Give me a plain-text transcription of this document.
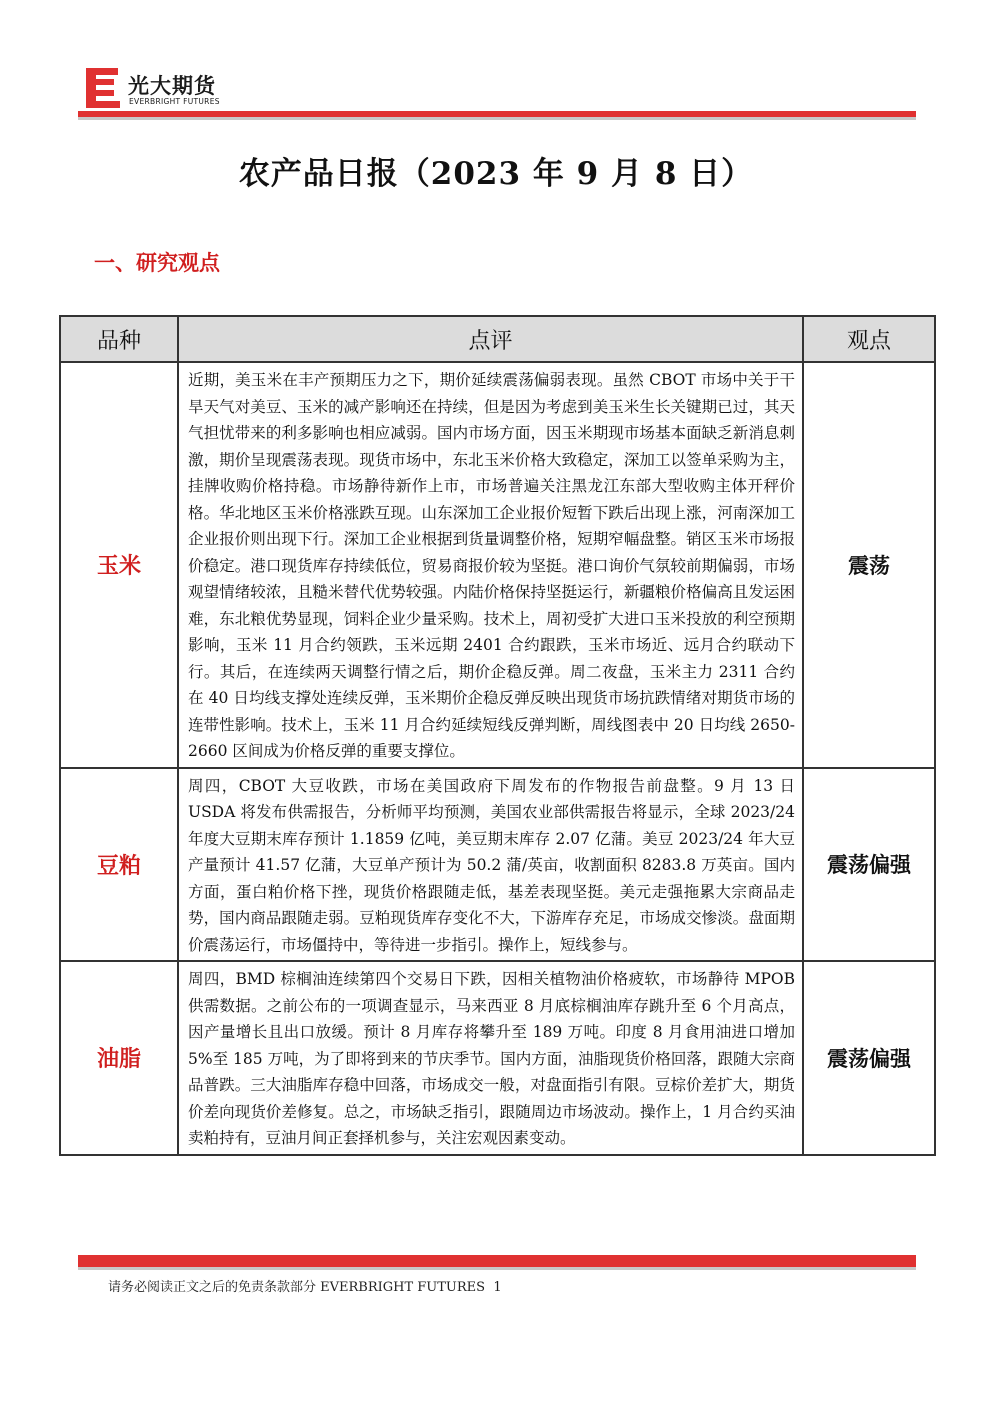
光大期货
EVERBRIGHT FUTURES
农产品日报（2023 年 9 月 8 日）
一、研究观点
品种	点评	观点
玉米	近期，美玉米在丰产预期压力之下，期价延续震荡偏弱表现。虽然 CBOT 市场中关于干旱天气对美豆、玉米的减产影响还在持续，但是因为考虑到美玉米生长关键期已过，其天气担忧带来的利多影响也相应减弱。国内市场方面，因玉米期现市场基本面缺乏新消息刺激，期价呈现震荡表现。现货市场中，东北玉米价格大致稳定，深加工以签单采购为主，挂牌收购价格持稳。市场静待新作上市，市场普遍关注黑龙江东部大型收购主体开秤价格。华北地区玉米价格涨跌互现。山东深加工企业报价短暂下跌后出现上涨，河南深加工企业报价则出现下行。深加工企业根据到货量调整价格，短期窄幅盘整。销区玉米市场报价稳定。港口现货库存持续低位，贸易商报价较为坚挺。港口询价气氛较前期偏弱，市场观望情绪较浓，且糙米替代优势较强。内陆价格保持坚挺运行，新疆粮价格偏高且发运困难，东北粮优势显现，饲料企业少量采购。技术上，周初受扩大进口玉米投放的利空预期影响，玉米 11 月合约领跌，玉米远期 2401 合约跟跌，玉米市场近、远月合约联动下行。其后，在连续两天调整行情之后，期价企稳反弹。周二夜盘，玉米主力 2311 合约在 40 日均线支撑处连续反弹，玉米期价企稳反弹反映出现货市场抗跌情绪对期货市场的连带性影响。技术上，玉米 11 月合约延续短线反弹判断，周线图表中 20 日均线 2650-2660 区间成为价格反弹的重要支撑位。	震荡
豆粕	周四，CBOT 大豆收跌，市场在美国政府下周发布的作物报告前盘整。9 月 13 日 USDA 将发布供需报告，分析师平均预测，美国农业部供需报告将显示，全球 2023/24 年度大豆期末库存预计 1.1859 亿吨，美豆期末库存 2.07 亿蒲。美豆 2023/24 年大豆产量预计 41.57 亿蒲，大豆单产预计为 50.2 蒲/英亩，收割面积 8283.8 万英亩。国内方面，蛋白粕价格下挫，现货价格跟随走低，基差表现坚挺。美元走强拖累大宗商品走势，国内商品跟随走弱。豆粕现货库存变化不大，下游库存充足，市场成交惨淡。盘面期价震荡运行，市场僵持中，等待进一步指引。操作上，短线参与。	震荡偏强
油脂	周四，BMD 棕榈油连续第四个交易日下跌，因相关植物油价格疲软，市场静待 MPOB 供需数据。之前公布的一项调查显示，马来西亚 8 月底棕榈油库存跳升至 6 个月高点，因产量增长且出口放缓。预计 8 月库存将攀升至 189 万吨。印度 8 月食用油进口增加 5%至 185 万吨，为了即将到来的节庆季节。国内方面，油脂现货价格回落，跟随大宗商品普跌。三大油脂库存稳中回落，市场成交一般，对盘面指引有限。豆棕价差扩大，期货价差向现货价差修复。总之，市场缺乏指引，跟随周边市场波动。操作上，1 月合约买油卖粕持有，豆油月间正套择机参与，关注宏观因素变动。	震荡偏强
请务必阅读正文之后的免责条款部分 EVERBRIGHT FUTURES 1
